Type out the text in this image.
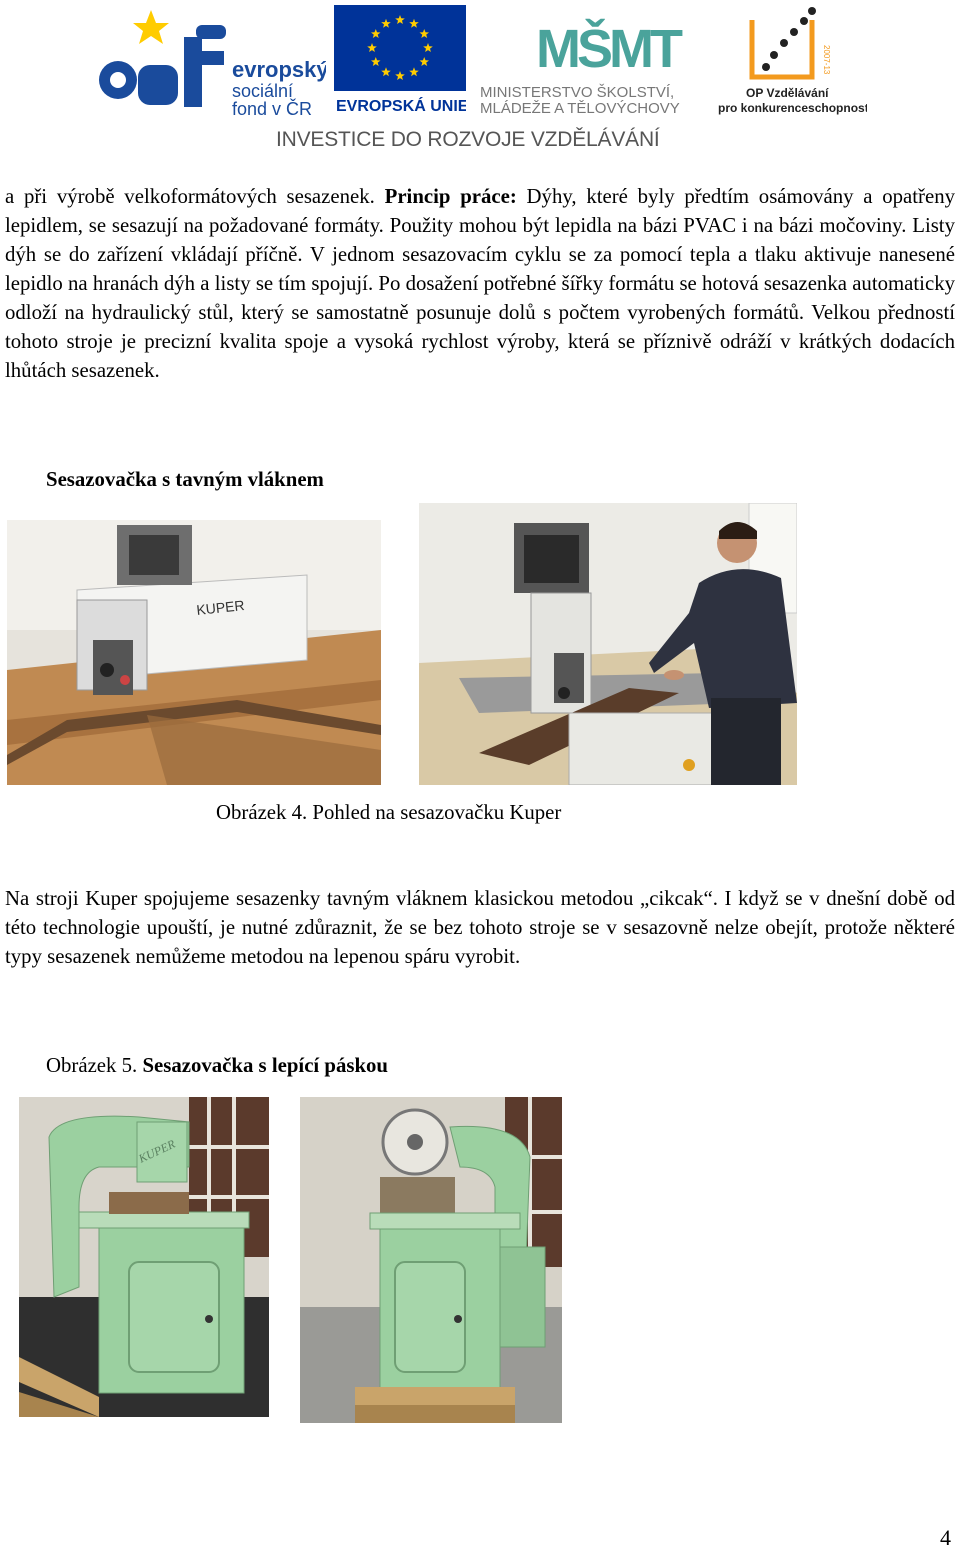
evropský
sociální
fond v ČR EVROPSKÁ UNIE
MŠMT
MINISTERSTVO ŠKOLSTVÍ,
MLÁDEŽE A TĚLOVÝCHOVY
2007-13
OP Vzdělávání
pro konkurenceschopnost
INVESTICE DO ROZVOJE VZDĚLÁVÁNÍ

a při výrobě velkoformátových sesazenek. Princip práce: Dýhy, které byly předtím osámovány a opatřeny lepidlem, se sesazují na požadované formáty. Použity mohou být lepidla na bázi PVAC i na bázi močoviny. Listy dýh se do zařízení vkládají příčně. V jednom sesazovacím cyklu se za pomocí tepla a tlaku aktivuje nanesené lepidlo na hranách dýh a listy se tím spojují. Po dosažení potřebné šířky formátu se hotová sesazenka automaticky odloží na hydraulický stůl, který se samostatně posunuje dolů s počtem vyrobených formátů. Velkou předností tohoto stroje je precizní kvalita spoje a vysoká rychlost výroby, která se příznivě odráží v krátkých dodacích lhůtách sesazenek.

Sesazovačka s tavným vláknem

KUPER

Obrázek 4. Pohled na sesazovačku Kuper

Na stroji Kuper spojujeme sesazenky tavným vláknem klasickou metodou „cikcak“. I když se v dnešní době od této technologie upouští, je nutné zdůraznit, že se bez tohoto stroje se v sesazovně nelze obejít, protože některé typy sesazenek nemůžeme metodou na lepenou spáru vyrobit.

Obrázek 5. Sesazovačka s lepící páskou

KUPER
4
